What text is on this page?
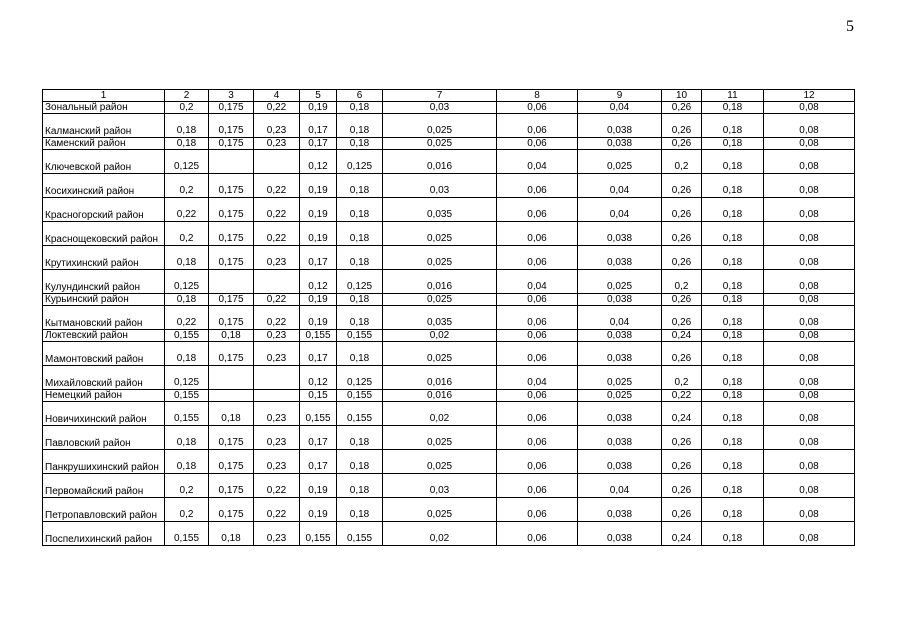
5
1	2	3	4	5	6	7	8	9	10	11	12
Зональный район	0,2	0,175	0,22	0,19	0,18	0,03	0,06	0,04	0,26	0,18	0,08
Калманский район	0,18	0,175	0,23	0,17	0,18	0,025	0,06	0,038	0,26	0,18	0,08
Каменский район	0,18	0,175	0,23	0,17	0,18	0,025	0,06	0,038	0,26	0,18	0,08
Ключевской район	0,125			0,12	0,125	0,016	0,04	0,025	0,2	0,18	0,08
Косихинский район	0,2	0,175	0,22	0,19	0,18	0,03	0,06	0,04	0,26	0,18	0,08
Красногорский район	0,22	0,175	0,22	0,19	0,18	0,035	0,06	0,04	0,26	0,18	0,08
Краснощековский район	0,2	0,175	0,22	0,19	0,18	0,025	0,06	0,038	0,26	0,18	0,08
Крутихинский район	0,18	0,175	0,23	0,17	0,18	0,025	0,06	0,038	0,26	0,18	0,08
Кулундинский район	0,125			0,12	0,125	0,016	0,04	0,025	0,2	0,18	0,08
Курьинский район	0,18	0,175	0,22	0,19	0,18	0,025	0,06	0,038	0,26	0,18	0,08
Кытмановский район	0,22	0,175	0,22	0,19	0,18	0,035	0,06	0,04	0,26	0,18	0,08
Локтевский район	0,155	0,18	0,23	0,155	0,155	0,02	0,06	0,038	0,24	0,18	0,08
Мамонтовский район	0,18	0,175	0,23	0,17	0,18	0,025	0,06	0,038	0,26	0,18	0,08
Михайловский район	0,125			0,12	0,125	0,016	0,04	0,025	0,2	0,18	0,08
Немецкий район	0,155			0,15	0,155	0,016	0,06	0,025	0,22	0,18	0,08
Новичихинский район	0,155	0,18	0,23	0,155	0,155	0,02	0,06	0,038	0,24	0,18	0,08
Павловский район	0,18	0,175	0,23	0,17	0,18	0,025	0,06	0,038	0,26	0,18	0,08
Панкрушихинский район	0,18	0,175	0,23	0,17	0,18	0,025	0,06	0,038	0,26	0,18	0,08
Первомайский район	0,2	0,175	0,22	0,19	0,18	0,03	0,06	0,04	0,26	0,18	0,08
Петропавловский район	0,2	0,175	0,22	0,19	0,18	0,025	0,06	0,038	0,26	0,18	0,08
Поспелихинский район	0,155	0,18	0,23	0,155	0,155	0,02	0,06	0,038	0,24	0,18	0,08
